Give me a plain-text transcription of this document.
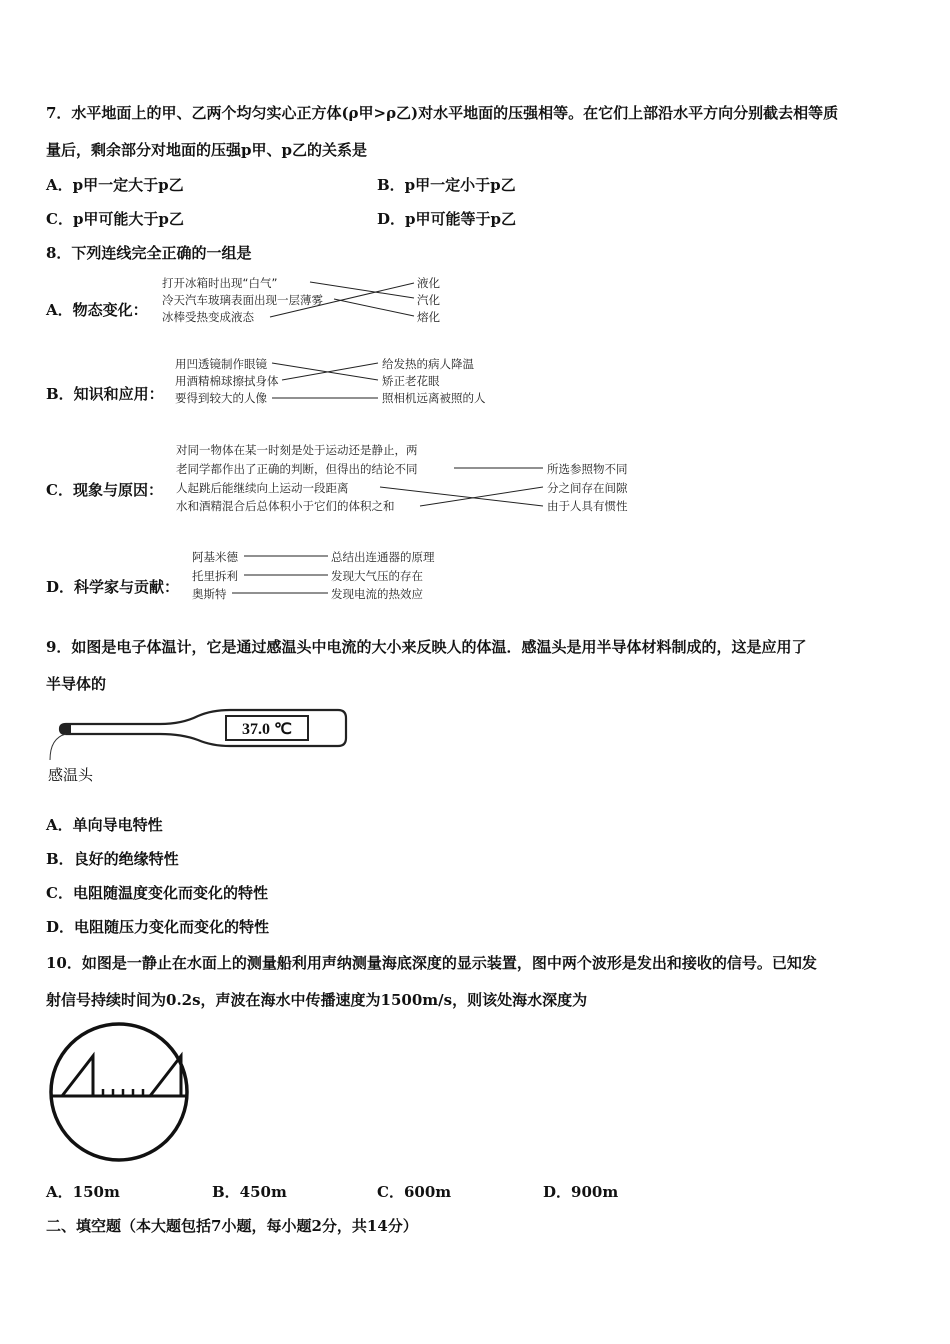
7．水平地面上的甲、乙两个均匀实心正方体(ρ甲>ρ乙)对水平地面的压强相等。在它们上部沿水平方向分别截去相等质
量后，剩余部分对地面的压强p甲、p乙的关系是
A．p甲一定大于p乙	B．p甲一定小于p乙
C．p甲可能大于p乙	D．p甲可能等于p乙
8．下列连线完全正确的一组是
A．物态变化：
打开冰箱时出现“白气”
冷天汽车玻璃表面出现一层薄雾
冰棒受热变成液态
液化
汽化
熔化
B．知识和应用：
用凹透镜制作眼镜
用酒精棉球擦拭身体
要得到较大的人像
给发热的病人降温
矫正老花眼
照相机远离被照的人
C．现象与原因：
对同一物体在某一时刻是处于运动还是静止，两
老同学都作出了正确的判断，但得出的结论不同
人起跳后能继续向上运动一段距离
水和酒精混合后总体积小于它们的体积之和
所选参照物不同
分之间存在间隙
由于人具有惯性
D．科学家与贡献：
阿基米德
托里拆利
奥斯特
总结出连通器的原理
发现大气压的存在
发现电流的热效应
9．如图是电子体温计，它是通过感温头中电流的大小来反映人的体温．感温头是用半导体材料制成的，这是应用了
半导体的
37.0 ℃
感温头
A．单向导电特性
B．良好的绝缘特性
C．电阻随温度变化而变化的特性
D．电阻随压力变化而变化的特性
10．如图是一静止在水面上的测量船利用声纳测量海底深度的显示装置，图中两个波形是发出和接收的信号。已知发
射信号持续时间为0.2s，声波在海水中传播速度为1500m/s，则该处海水深度为
A．150m	B．450m	C．600m	D．900m
二、填空题（本大题包括7小题，每小题2分，共14分）
